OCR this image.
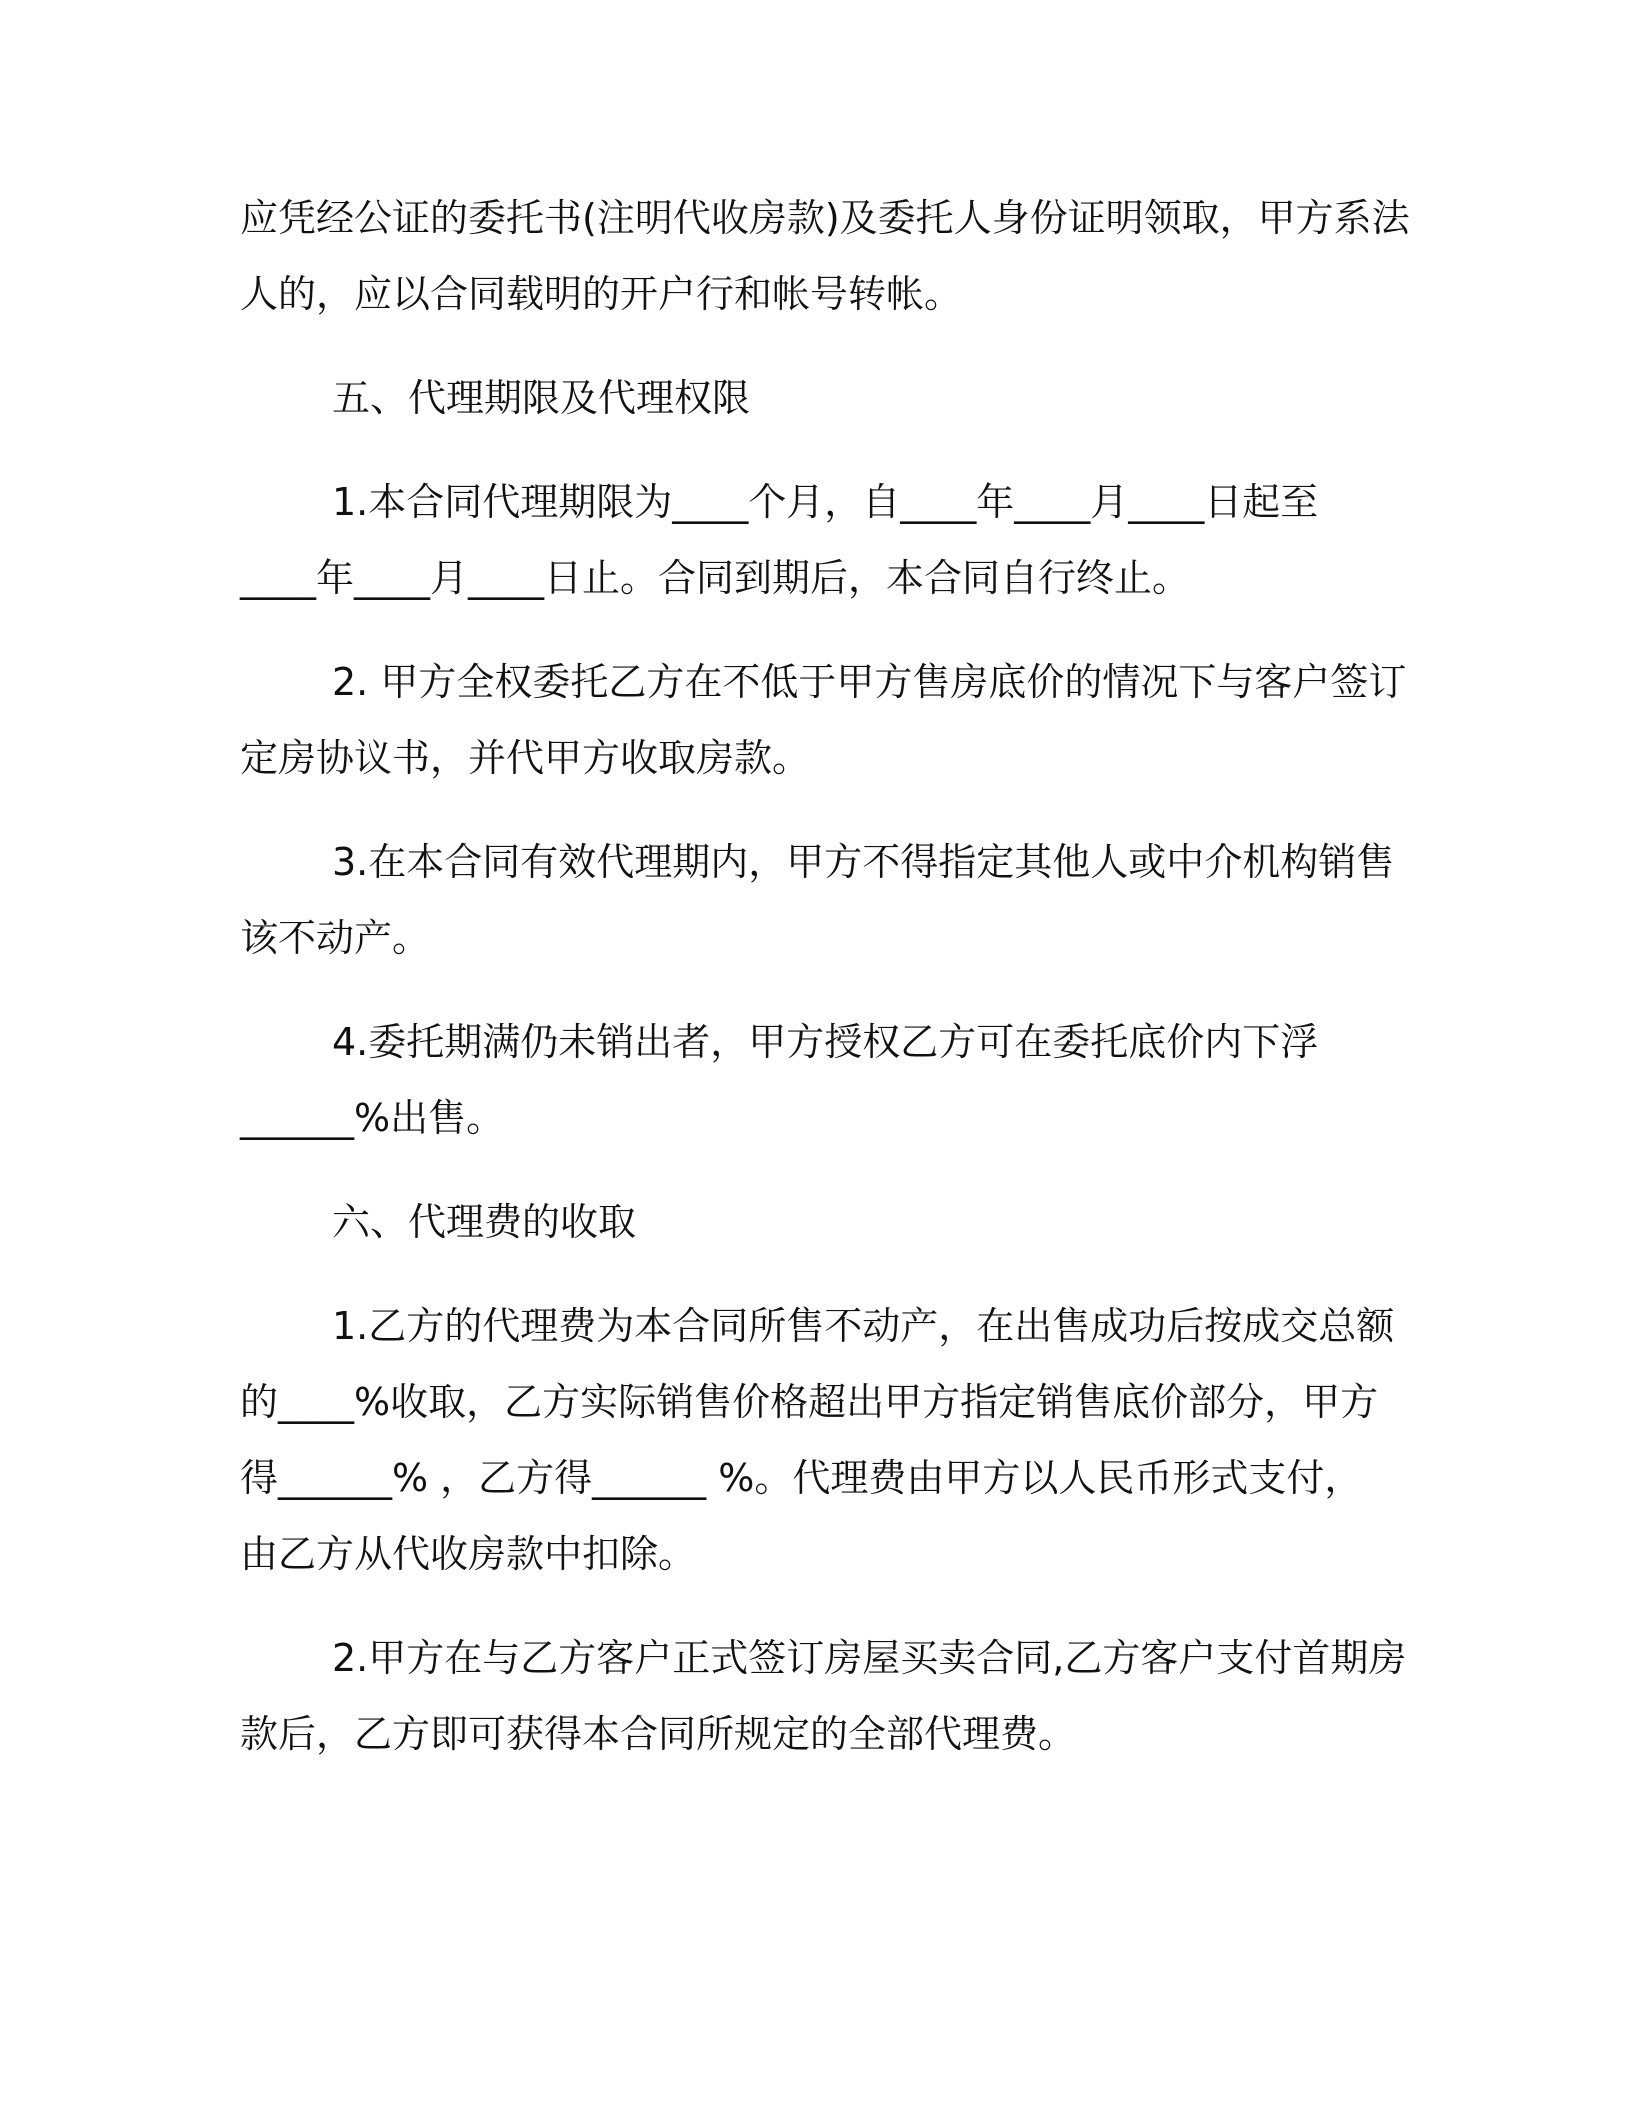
应凭经公证的委托书(注明代收房款)及委托人身份证明领取，甲方系法
人的，应以合同载明的开户行和帐号转帐。
五、代理期限及代理权限
1.本合同代理期限为____个月，自____年____月____日起至
____年____月____日止。合同到期后，本合同自行终止。
2. 甲方全权委托乙方在不低于甲方售房底价的情况下与客户签订
定房协议书，并代甲方收取房款。
3.在本合同有效代理期内，甲方不得指定其他人或中介机构销售
该不动产。
4.委托期满仍未销出者，甲方授权乙方可在委托底价内下浮
______%出售。
六、代理费的收取
1.乙方的代理费为本合同所售不动产，在出售成功后按成交总额
的____%收取，乙方实际销售价格超出甲方指定销售底价部分，甲方
得______% ，乙方得______ %。代理费由甲方以人民币形式支付，
由乙方从代收房款中扣除。
2.甲方在与乙方客户正式签订房屋买卖合同,乙方客户支付首期房
款后，乙方即可获得本合同所规定的全部代理费。
